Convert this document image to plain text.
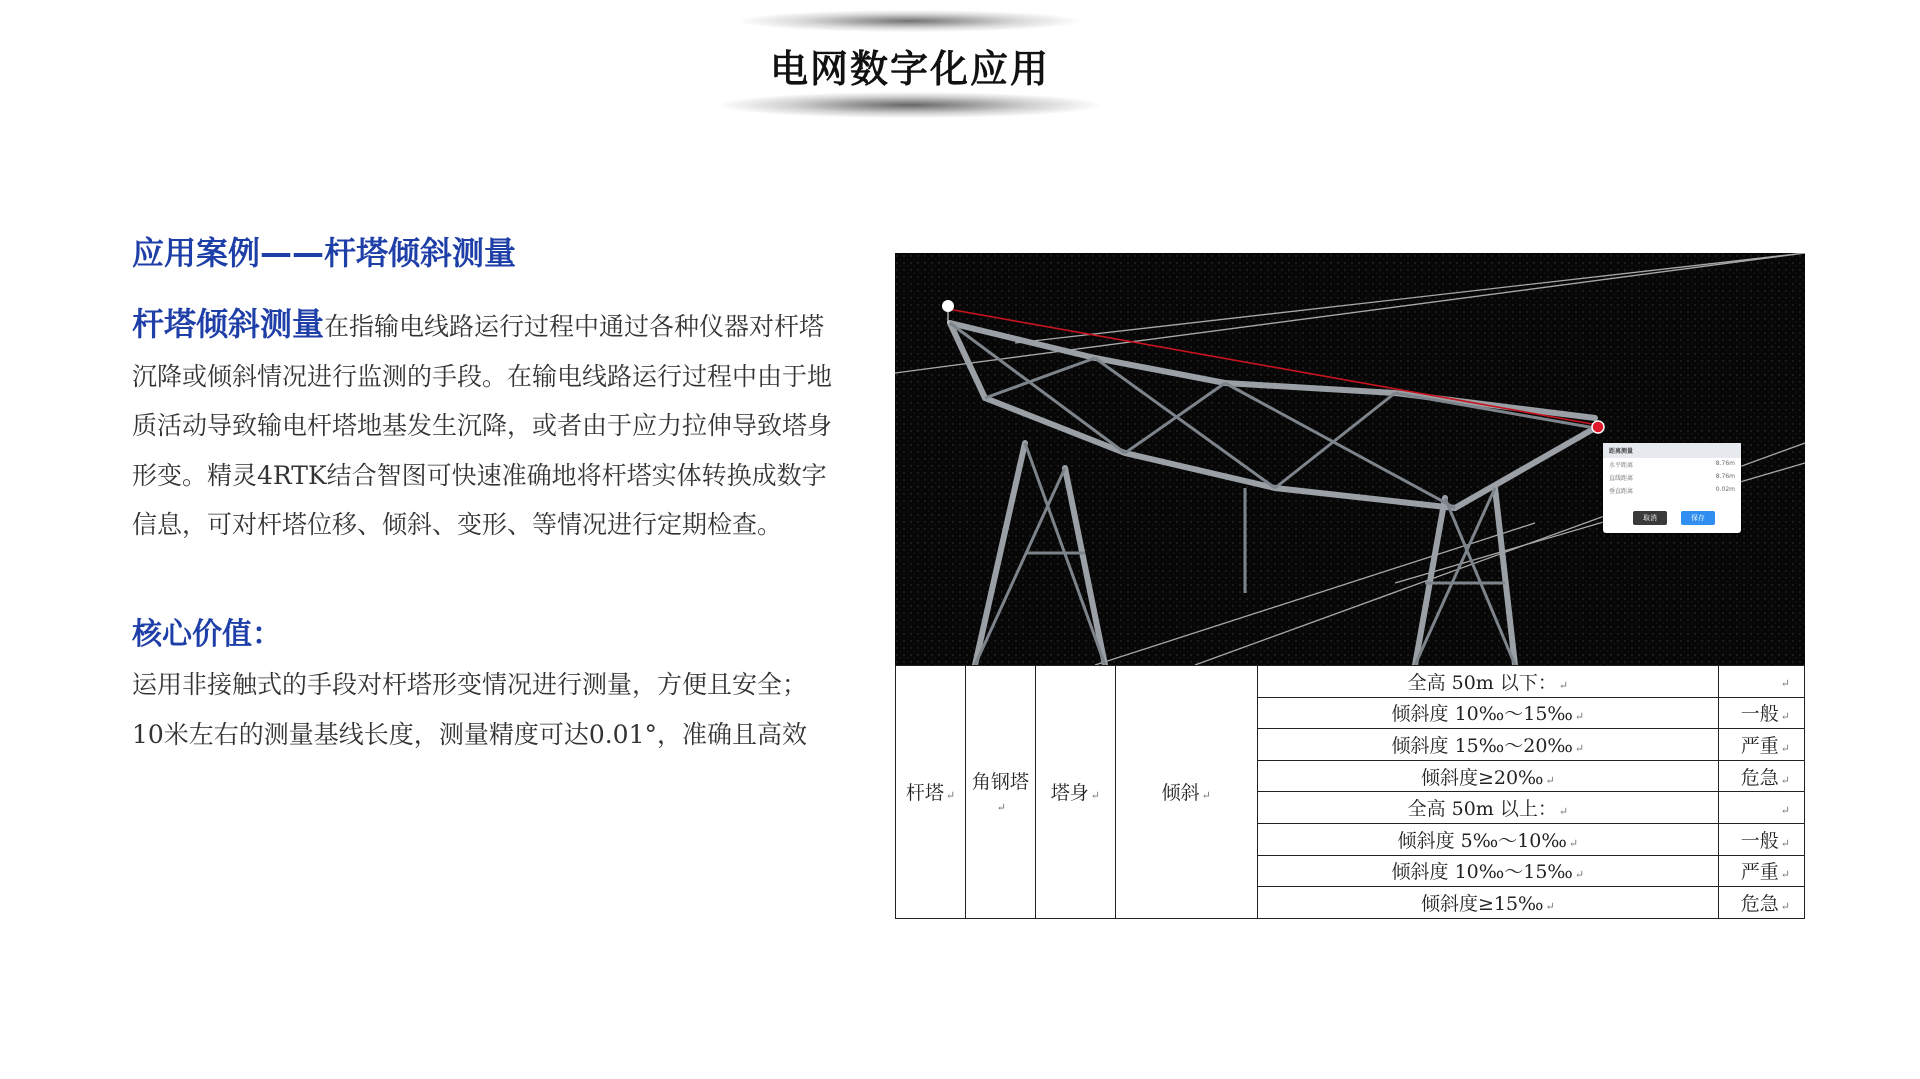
电网数字化应用
应用案例——杆塔倾斜测量
杆塔倾斜测量在指输电线路运行过程中通过各种仪器对杆塔沉降或倾斜情况进行监测的手段。在输电线路运行过程中由于地质活动导致输电杆塔地基发生沉降，或者由于应力拉伸导致塔身形变。精灵4RTK结合智图可快速准确地将杆塔实体转换成数字信息，可对杆塔位移、倾斜、变形、等情况进行定期检查。
核心价值：
运用非接触式的手段对杆塔形变情况进行测量，方便且安全；10米左右的测量基线长度，测量精度可达0.01°，准确且高效
距离测量
水平距离	8.76m
直线距离	8.76m
垂直距离	0.02m
取消	保存
杆塔 ↵	角钢塔↵	塔身 ↵	倾斜 ↵	全高 50m 以下： ↵	↵
				倾斜度 10‰～15‰ ↵	一般 ↵
				倾斜度 15‰～20‰ ↵	严重 ↵
				倾斜度≥20‰ ↵	危急 ↵
				全高 50m 以上： ↵	↵
				倾斜度 5‰～10‰ ↵	一般 ↵
				倾斜度 10‰～15‰ ↵	严重 ↵
				倾斜度≥15‰ ↵	危急 ↵
